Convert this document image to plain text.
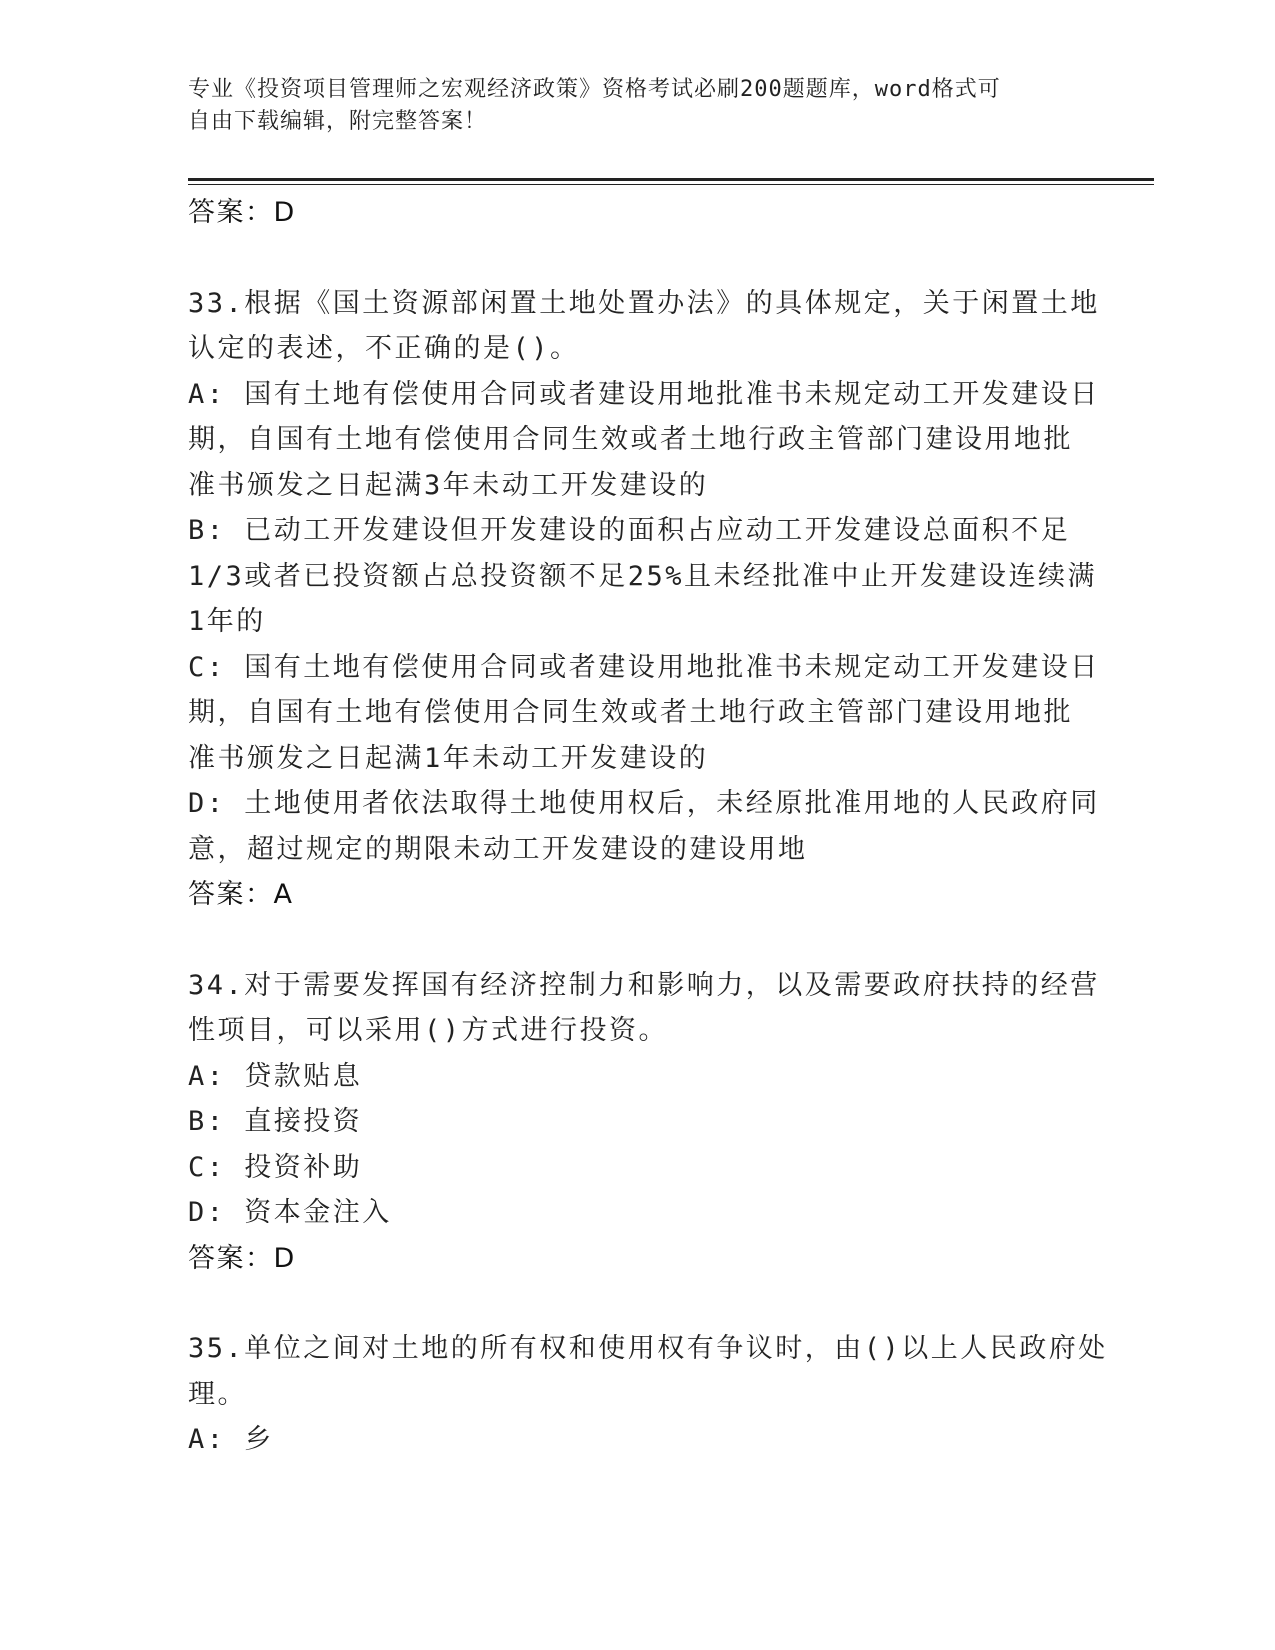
专业《投资项目管理师之宏观经济政策》资格考试必刷200题题库，word格式可
自由下载编辑，附完整答案！

答案：D

33.根据《国土资源部闲置土地处置办法》的具体规定，关于闲置土地

认定的表述，不正确的是()。

A: 国有土地有偿使用合同或者建设用地批准书未规定动工开发建设日

期，自国有土地有偿使用合同生效或者土地行政主管部门建设用地批

准书颁发之日起满3年未动工开发建设的

B: 已动工开发建设但开发建设的面积占应动工开发建设总面积不足

1/3或者已投资额占总投资额不足25%且未经批准中止开发建设连续满

1年的

C: 国有土地有偿使用合同或者建设用地批准书未规定动工开发建设日

期，自国有土地有偿使用合同生效或者土地行政主管部门建设用地批

准书颁发之日起满1年未动工开发建设的

D: 土地使用者依法取得土地使用权后，未经原批准用地的人民政府同

意，超过规定的期限未动工开发建设的建设用地

答案：A

34.对于需要发挥国有经济控制力和影响力，以及需要政府扶持的经营

性项目，可以采用()方式进行投资。

A: 贷款贴息

B: 直接投资

C: 投资补助

D: 资本金注入

答案：D

35.单位之间对土地的所有权和使用权有争议时，由()以上人民政府处

理。

A: 乡
